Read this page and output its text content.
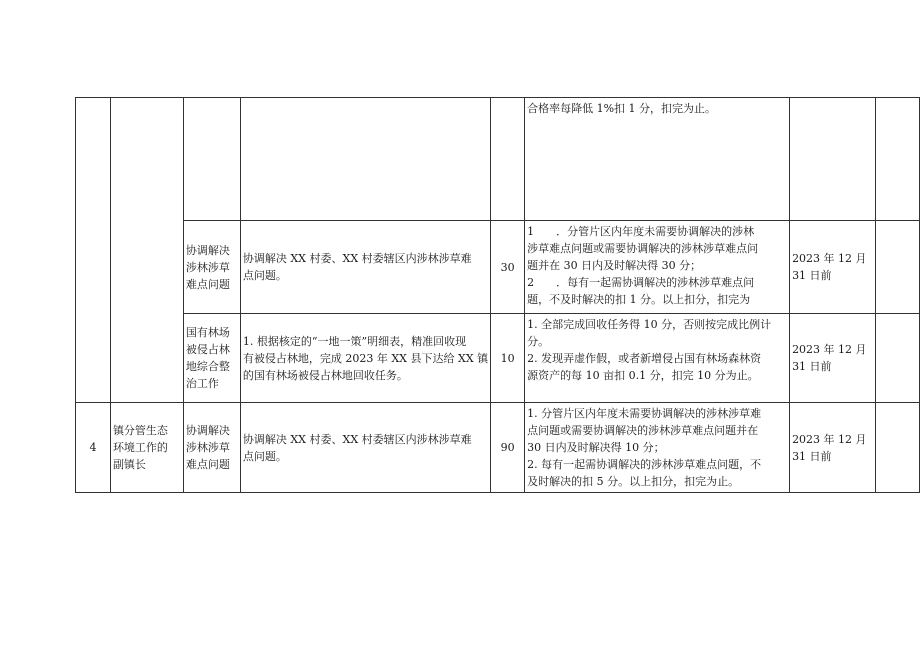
					合格率每降低 1%扣 1 分，扣完为止。		

		协调解决
涉林涉草
难点问题	协调解决 XX 村委、XX 村委辖区内涉林涉草难
点问题。	30	1　　．分管片区内年度未需要协调解决的涉林
涉草难点问题或需要协调解决的涉林涉草难点问
题并在 30 日内及时解决得 30 分；
2　　．每有一起需协调解决的涉林涉草难点问
题，不及时解决的扣 1 分。以上扣分，扣完为	2023 年 12 月
31 日前	

		国有林场
被侵占林
地综合整
治工作	1. 根据核定的“一地一策”明细表，精准回收现
有被侵占林地，完成 2023 年 XX 县下达给 XX 镇
的国有林场被侵占林地回收任务。	10	1. 全部完成回收任务得 10 分，否则按完成比例计
分。
2. 发现弄虚作假，或者新增侵占国有林场森林资
源资产的每 10 亩扣 0.1 分，扣完 10 分为止。	2023 年 12 月
31 日前	

4	镇分管生态
环境工作的
副镇长	协调解决
涉林涉草
难点问题	协调解决 XX 村委、XX 村委辖区内涉林涉草难
点问题。	90	1. 分管片区内年度未需要协调解决的涉林涉草难
点问题或需要协调解决的涉林涉草难点问题并在
30 日内及时解决得 10 分；
2. 每有一起需协调解决的涉林涉草难点问题，不
及时解决的扣 5 分。以上扣分，扣完为止。	2023 年 12 月
31 日前	
